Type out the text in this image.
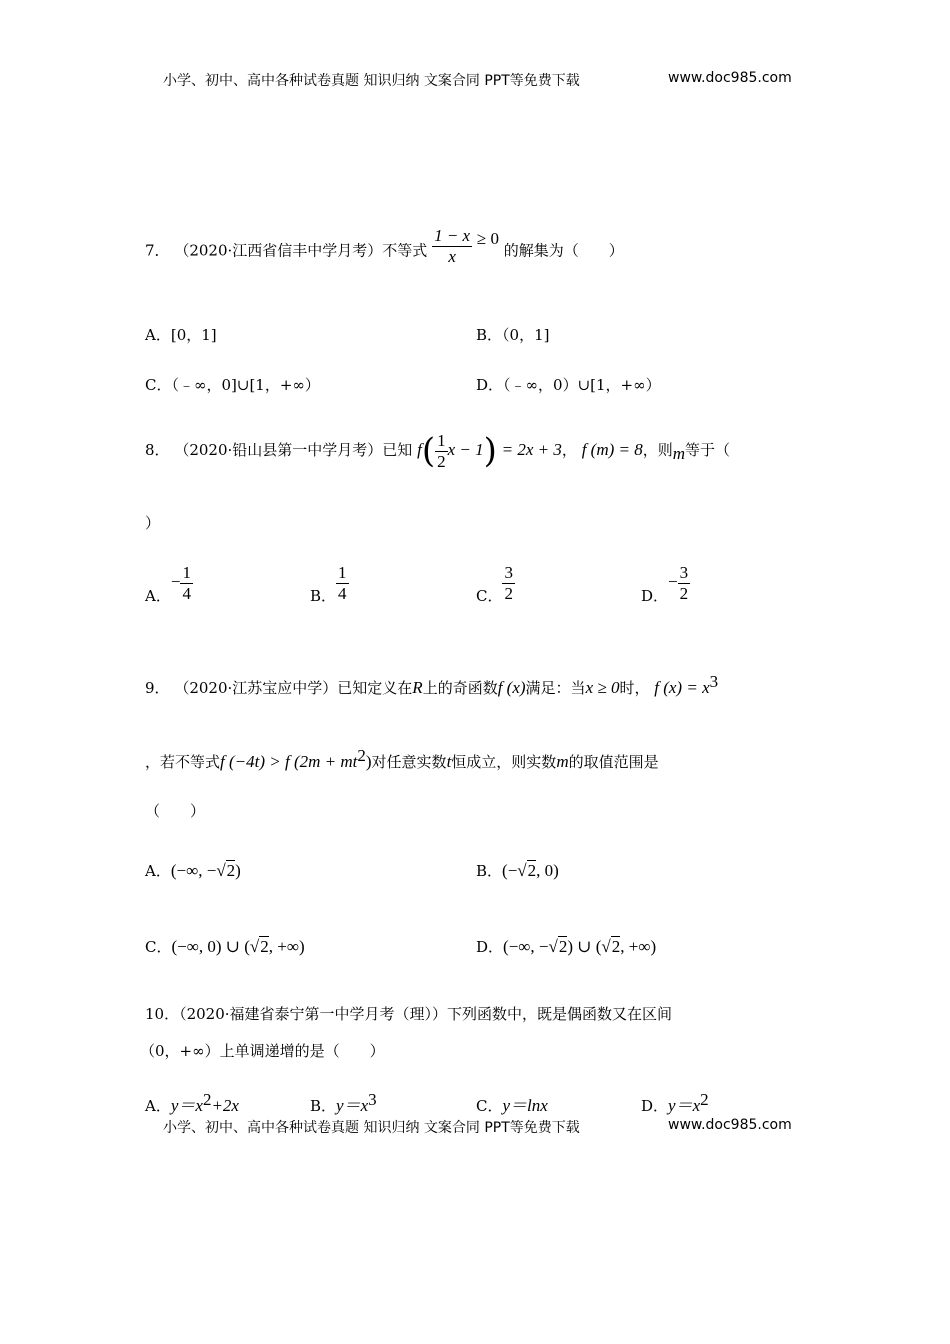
小学、初中、高中各种试卷真题 知识归纳 文案合同 PPT等免费下载	www.doc985.com
7． （2020·江西省信丰中学月考）不等式 $\frac{1 - x}{x} \ge 0$ 的解集为（　　）
A．[0，1]	B．（0，1]
C．（﹣∞，0]∪[1，+∞）	D．（﹣∞，0）∪[1，+∞）
8． （2020·铅山县第一中学月考）已知 $f( \frac{1}{2}$ x − 1) = 2x + 3， f (m) = 8，则m等于（
）
A．− $\frac{1}{4}$	B． $\frac{1}{4}$	C． $\frac{3}{2}$	D．− $\frac{3}{2}$
9． （2020·江苏宝应中学）已知定义在R上的奇函数f (x)满足：当x ≥ 0时， f $(x) = x^3$
，若不等式f (−4t) > f $(2m + mt^2)$对任意实数t恒成立，则实数m的取值范围是
（　　）
A．(−∞, −√2)	B．(−√2, 0)
C．(−∞, 0) ∪ (√2, +∞)	D．(−∞, −√2) ∪ (√2, +∞)
10．（2020·福建省泰宁第一中学月考（理））下列函数中，既是偶函数又在区间
（0，+∞）上单调递增的是（　　）
A．$y=x^2+2x$	B．$y=x^3$	C．y＝lnx	D．$y=x^2$
小学、初中、高中各种试卷真题 知识归纳 文案合同 PPT等免费下载	www.doc985.com
